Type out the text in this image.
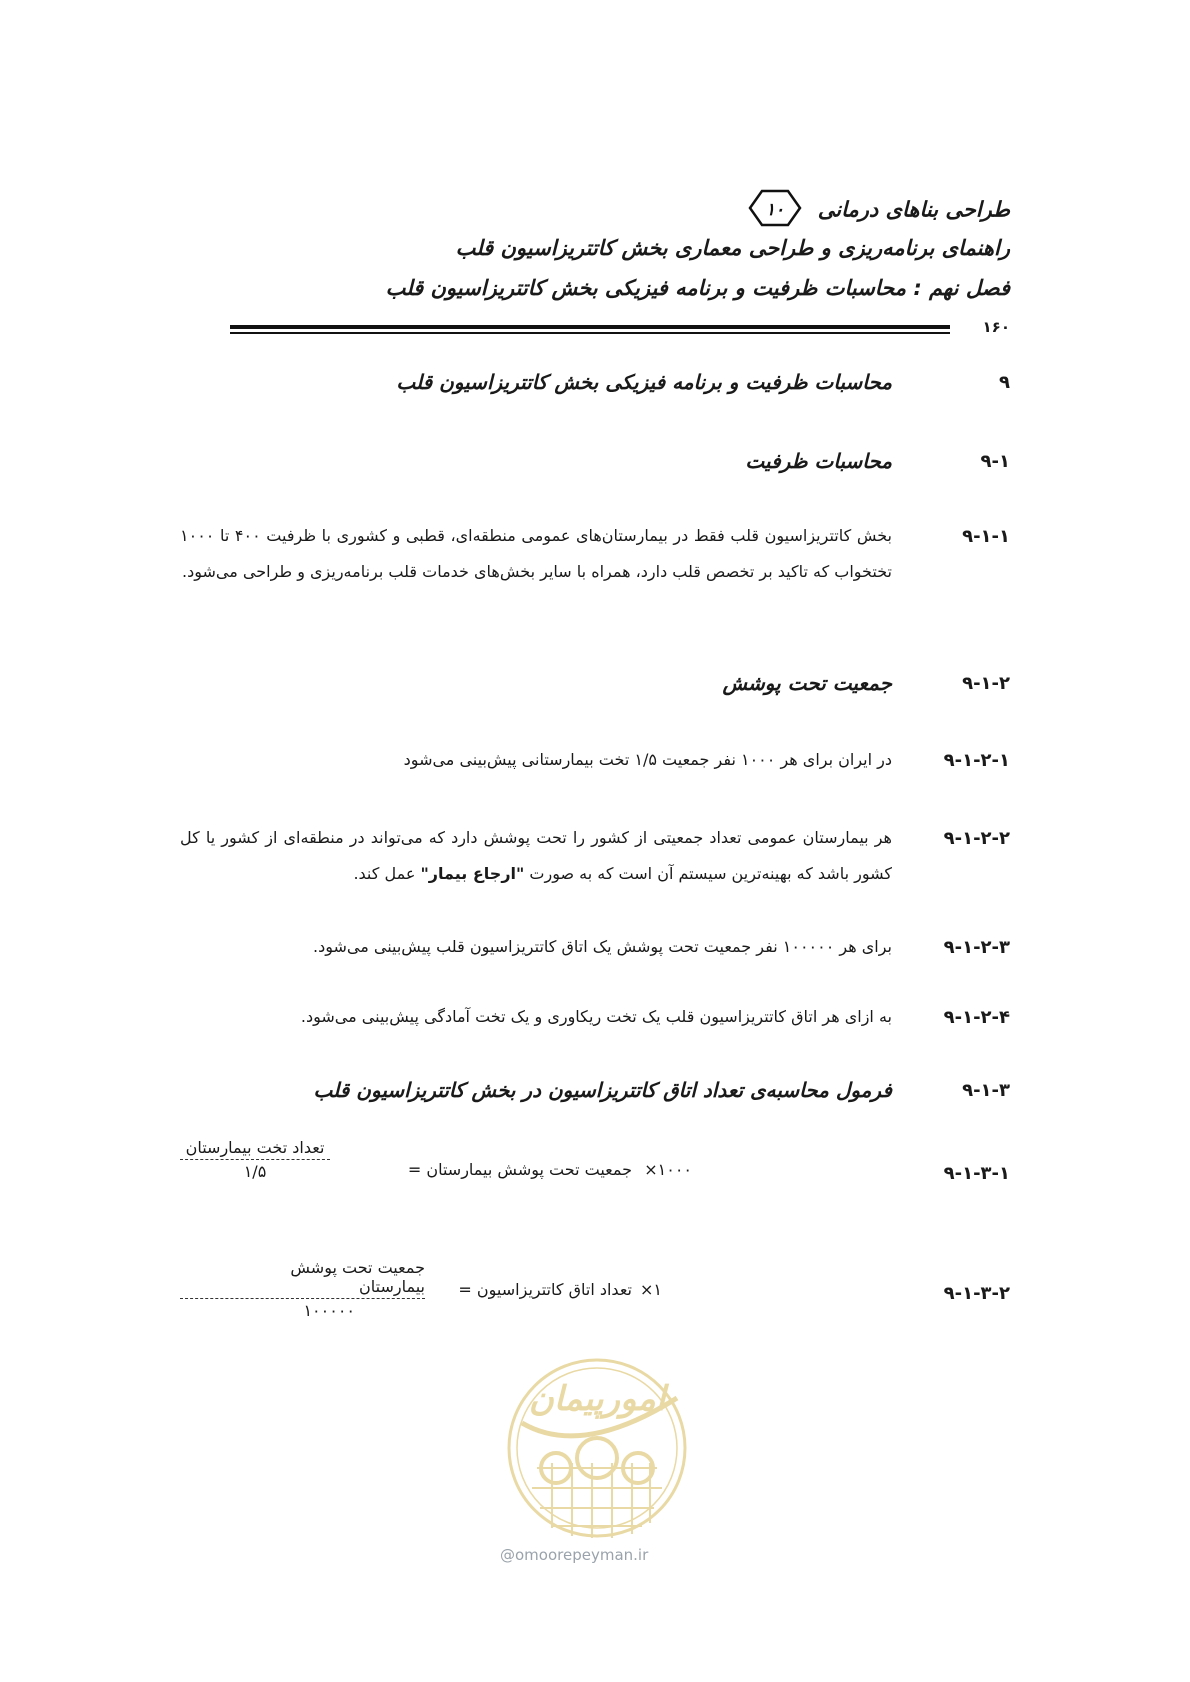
طراحی بناهای درمانی
۱۰
راهنمای برنامه‌ریزی و طراحی معماری بخش کاتتریزاسیون قلب
فصل نهم : محاسبات ظرفیت و برنامه فیزیکی بخش کاتتریزاسیون قلب
۱۶۰
۹
محاسبات ظرفیت و برنامه فیزیکی بخش کاتتریزاسیون قلب
۹-۱
محاسبات ظرفیت
۹-۱-۱
بخش کاتتریزاسیون قلب فقط در بیمارستان‌های عمومی منطقه‌ای، قطبی و کشوری با ظرفیت ۴۰۰ تا ۱۰۰۰ تختخواب که تاکید بر تخصص قلب دارد، همراه با سایر بخش‌های خدمات قلب برنامه‌ریزی و طراحی می‌شود.
۹-۱-۲
جمعیت تحت پوشش
۹-۱-۲-۱
در ایران برای هر ۱۰۰۰ نفر جمعیت ۱/۵ تخت بیمارستانی پیش‌بینی می‌شود
۹-۱-۲-۲
هر بیمارستان عمومی تعداد جمعیتی از کشور را تحت پوشش دارد که می‌تواند در منطقه‌ای از کشور یا کل کشور باشد که بهینه‌ترین سیستم آن است که به صورت "ارجاع بیمار" عمل کند.
۹-۱-۲-۳
برای هر ۱۰۰۰۰۰ نفر جمعیت تحت پوشش یک اتاق کاتتریزاسیون قلب پیش‌بینی می‌شود.
۹-۱-۲-۴
به ازای هر اتاق کاتتریزاسیون قلب یک تخت ریکاوری و یک تخت آمادگی پیش‌بینی می‌شود.
۹-۱-۳
فرمول محاسبه‌ی تعداد اتاق کاتتریزاسیون در بخش کاتتریزاسیون قلب
۹-۱-۳-۱
جمعیت تحت پوشش بیمارستان = ۱۰۰۰×
تعداد تخت بیمارستان
۱/۵
۹-۱-۳-۲
تعداد اتاق کاتتریزاسیون = ۱×
جمعیت تحت پوشش بیمارستان
۱۰۰۰۰۰
امورپیمان
@omoorepeyman.ir
